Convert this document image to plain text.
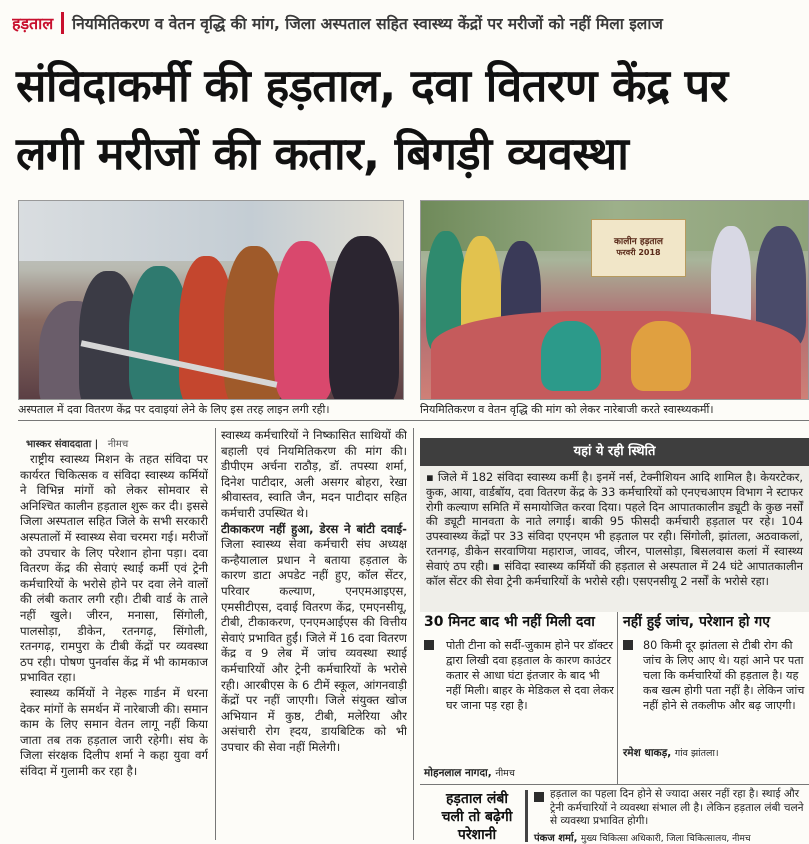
हड़ताल नियमितिकरण व वेतन वृद्धि की मांग, जिला अस्पताल सहित स्वास्थ्य केंद्रों पर मरीजों को नहीं मिला इलाज
संविदाकर्मी की हड़ताल, दवा वितरण केंद्र पर लगी मरीजों की कतार, बिगड़ी व्यवस्था
अस्पताल में दवा वितरण केंद्र पर दवाइयां लेने के लिए इस तरह लाइन लगी रही।
कालीन हड़ताल
फरवरी 2018
नियमितिकरण व वेतन वृद्धि की मांग को लेकर नारेबाजी करते स्वास्थ्यकर्मी।
भास्कर संवाददाता | नीमच

राष्ट्रीय स्वास्थ्य मिशन के तहत संविदा पर कार्यरत चिकित्सक व संविदा स्वास्थ्य कर्मियों ने विभिन्न मांगों को लेकर सोमवार से अनिश्चित कालीन हड़ताल शुरू कर दी। इससे जिला अस्पताल सहित जिले के सभी सरकारी अस्पतालों में स्वास्थ्य सेवा चरमरा गई। मरीजों को उपचार के लिए परेशान होना पड़ा। दवा वितरण केंद्र की सेवाएं स्थाई कर्मी एवं ट्रेनी कर्मचारियों के भरोसे होने पर दवा लेने वालों की लंबी कतार लगी रही। टीबी वार्ड के ताले नहीं खुले। जीरन, मनासा, सिंगोली, पालसोड़ा, डीकेन, रतनगढ़, सिंगोली, रतनगढ़, रामपुरा के टीबी केंद्रों पर व्यवस्था ठप रही। पोषण पुनर्वास केंद्र में भी कामकाज प्रभावित रहा।

स्वास्थ्य कर्मियों ने नेहरू गार्डन में धरना देकर मांगों के समर्थन में नारेबाजी की। समान काम के लिए समान वेतन लागू नहीं किया जाता तब तक हड़ताल जारी रहेगी। संघ के जिला संरक्षक दिलीप शर्मा ने कहा युवा वर्ग संविदा में गुलामी कर रहा है।

स्वास्थ्य कर्मचारियों ने निष्कासित साथियों की बहाली एवं नियमितिकरण की मांग की। डीपीएम अर्चना राठौड़, डॉ. तपस्या शर्मा, दिनेश पाटीदार, अली असगर बोहरा, रेखा श्रीवास्तव, स्वाति जैन, मदन पाटीदार सहित कर्मचारी उपस्थित थे।

टीकाकरण नहीं हुआ, डेरस ने बांटी दवाई-जिला स्वास्थ्य सेवा कर्मचारी संघ अध्यक्ष कन्हैयालाल प्रधान ने बताया हड़ताल के कारण डाटा अपडेट नहीं हुए, कॉल सेंटर, परिवार कल्याण, एनएमआइएस, एमसीटीएस, दवाई वितरण केंद्र, एमएनसीयू, टीबी, टीकाकरण, एनएमआईएस की वित्तीय सेवाएं प्रभावित हुईं। जिले में 16 दवा वितरण केंद्र व 9 लेब में जांच व्यवस्था स्थाई कर्मचारियों और ट्रेनी कर्मचारियों के भरोसे रही। आरबीएस के 6 टीमें स्कूल, आंगनवाड़ी केंद्रों पर नहीं जाएगी। जिले संयुक्त खोज अभियान में कुष्ठ, टीबी, मलेरिया और असंचारी रोग ह्दय, डायबिटिक को भी उपचार की सेवा नहीं मिलेगी।

यहां ये रही स्थिति
▪ जिले में 182 संविदा स्वास्थ्य कर्मी है। इनमें नर्स, टेक्नीशियन आदि शामिल है। केयरटेकर, कुक, आया, वार्डबॉय, दवा वितरण केंद्र के 33 कर्मचारियों को एनएचआएम विभाग ने स्टाफर रोगी कल्याण समिति में समायोजित करवा दिया। पहले दिन आपातकालीन ड्यूटी के कुछ नर्सों की ड्यूटी मानवता के नाते लगाई। बाकी 95 फीसदी कर्मचारी हड़ताल पर रहे। 104 उपस्वास्थ्य केंद्रों पर 33 संविदा एएनएम भी हड़ताल पर रही। सिंगोली, झांतला, अठवाकलां, रतनगढ़, डीकेन सरवाणिया महाराज, जावद, जीरन, पालसोड़ा, बिसलवास कलां में स्वास्थ्य सेवाएं ठप रही। ▪ संविदा स्वास्थ्य कर्मियों की हड़ताल से अस्पताल में 24 घंटे आपातकालीन कॉल सेंटर की सेवा ट्रेनी कर्मचारियों के भरोसे रही। एसएनसीयू 2 नर्सों के भरोसे रहा।
30 मिनट बाद भी नहीं मिली दवा
पोती टीना को सर्दी-जुकाम होने पर डॉक्टर द्वारा लिखी दवा हड़ताल के कारण काउंटर कतार से आधा घंटा इंतजार के बाद भी नहीं मिली। बाहर के मेडिकल से दवा लेकर घर जाना पड़ रहा है।
मोहनलाल नागदा, नीमच
नहीं हुई जांच, परेशान हो गए
80 किमी दूर झांतला से टीबी रोग की जांच के लिए आए थे। यहां आने पर पता चला कि कर्मचारियों की हड़ताल है। यह कब खत्म होगी पता नहीं है। लेकिन जांच नहीं होने से तकलीफ और बढ़ जाएगी।
रमेश धाकड़, गांव झांतला।
हड़ताल लंबी चली तो बढ़ेगी परेशानी
हड़ताल का पहला दिन होने से ज्यादा असर नहीं रहा है। स्थाई और ट्रेनी कर्मचारियों ने व्यवस्था संभाल ली है। लेकिन हड़ताल लंबी चलने से व्यवस्था प्रभावित होगी।
पंकज शर्मा, मुख्य चिकित्सा अधिकारी, जिला चिकित्सालय, नीमच
